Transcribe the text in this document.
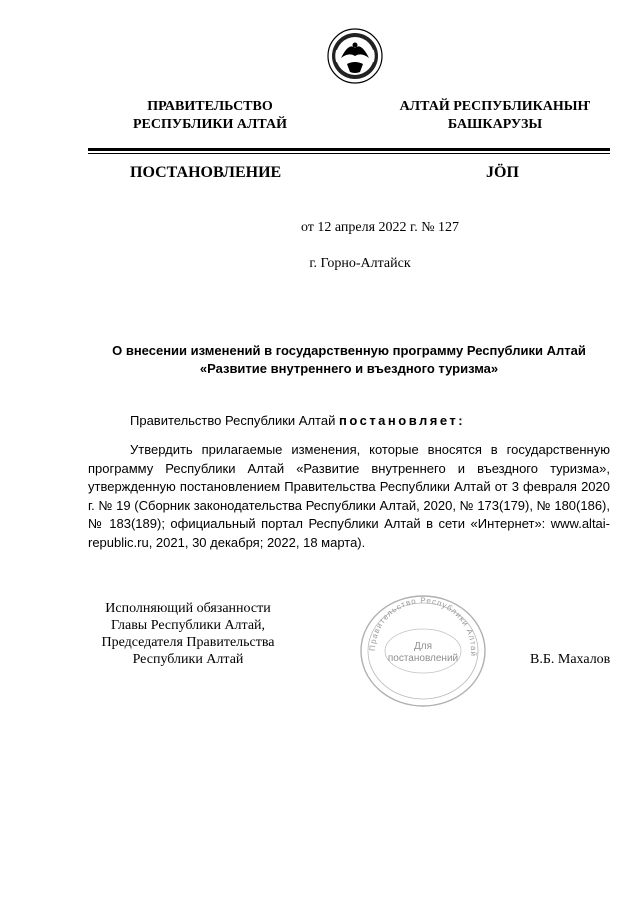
ПРАВИТЕЛЬСТВО
РЕСПУБЛИКИ АЛТАЙ
АЛТАЙ РЕСПУБЛИКАНЫҤ
БАШКАРУЗЫ
ПОСТАНОВЛЕНИЕ	JÖП
от 12 апреля 2022 г. № 127
г. Горно-Алтайск
О внесении изменений в государственную программу Республики Алтай
«Развитие внутреннего и въездного туризма»
Правительство Республики Алтай постановляет:
Утвердить прилагаемые изменения, которые вносятся в государственную программу Республики Алтай «Развитие внутреннего и въездного туризма», утвержденную постановлением Правительства Республики Алтай от 3 февраля 2020 г. № 19 (Сборник законодательства Республики Алтай, 2020, № 173(179), № 180(186), № 183(189); официальный портал Республики Алтай в сети «Интернет»: www.altai-republic.ru, 2021, 30 декабря; 2022, 18 марта).
Исполняющий обязанности
Главы Республики Алтай,
Председателя Правительства
Республики Алтай	В.Б. Махалов
Правительство Республики Алтай
Для
постановлений
